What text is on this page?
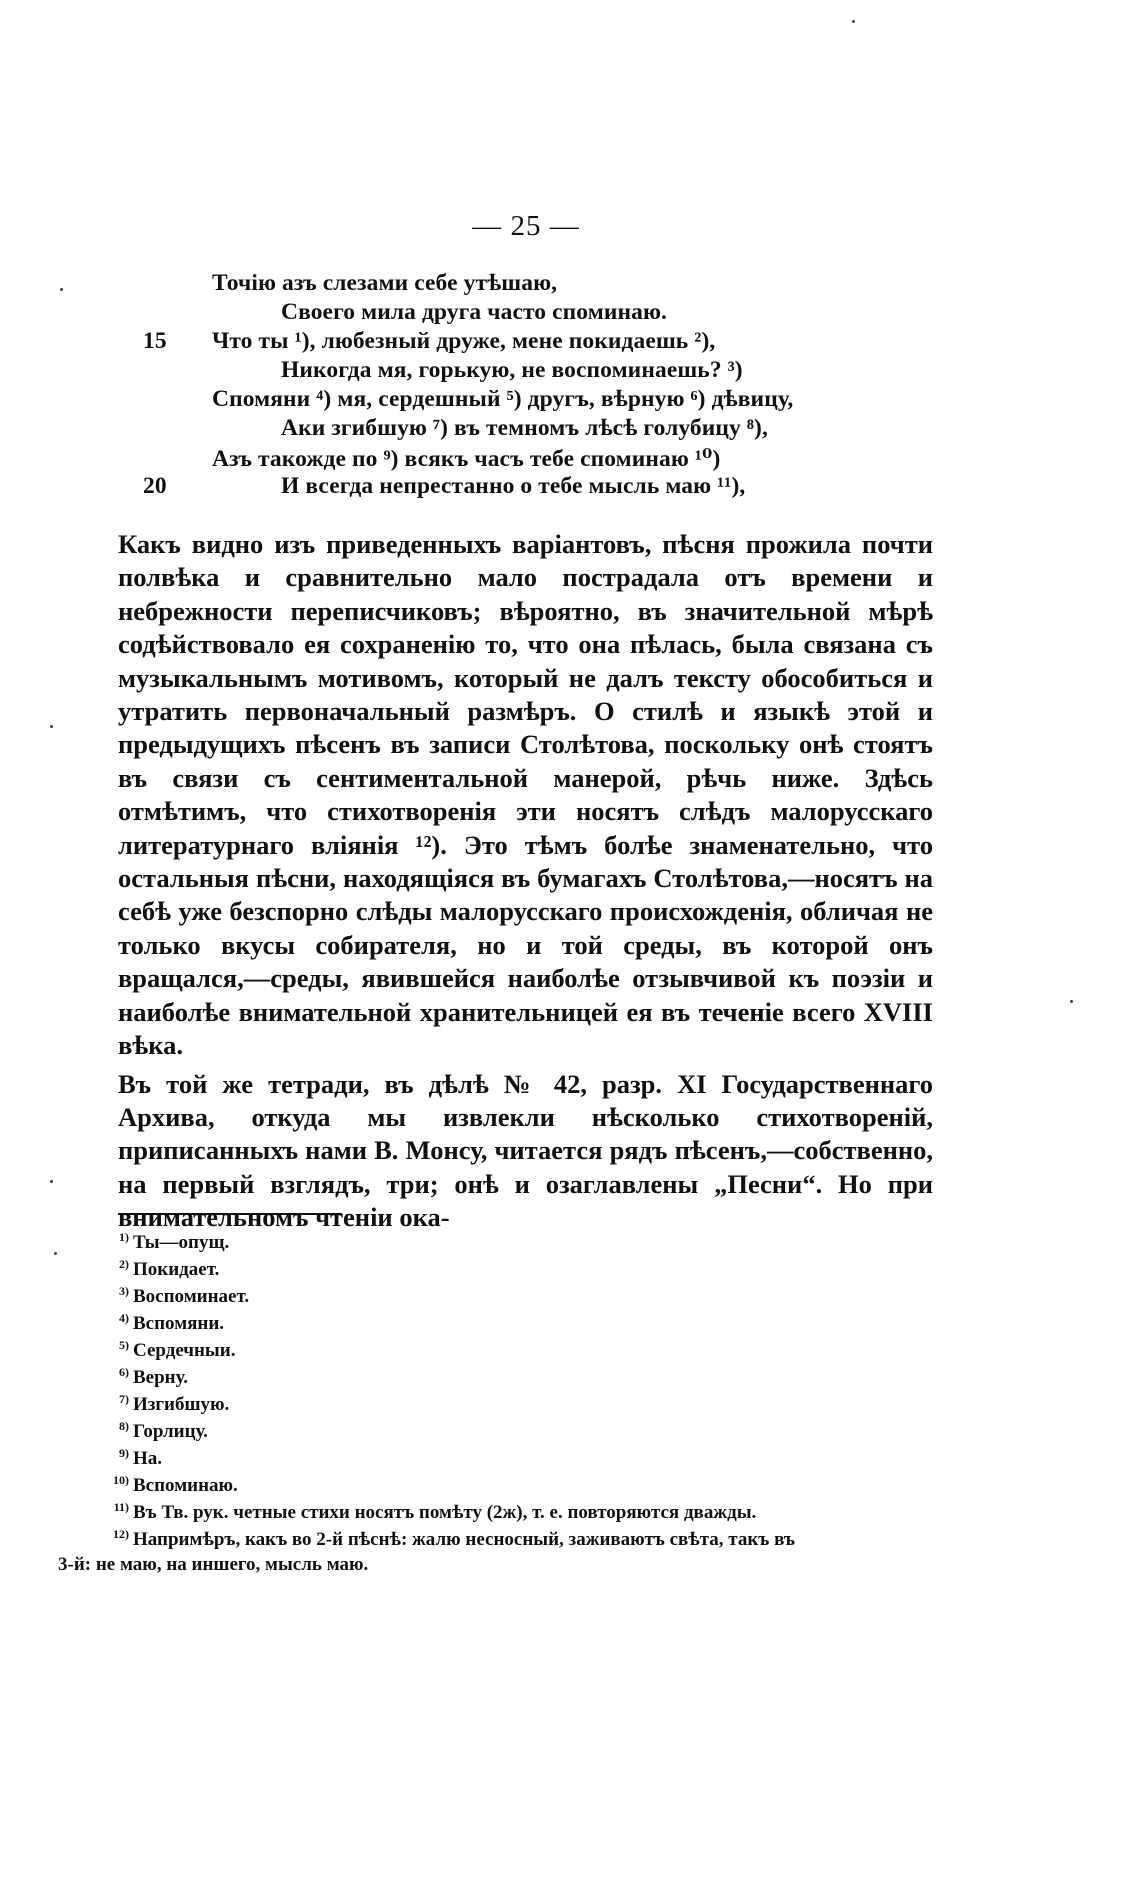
— 25 —
Точію азъ слезами себе утѣшаю,
Своего мила друга часто споминаю.
15 Что ты ¹), любезный друже, мене покидаешь ²),
Никогда мя, горькую, не воспоминаешь? ³)
Спомяни ⁴) мя, сердешный ⁵) другъ, вѣрную ⁶) дѣвицу,
Аки згибшую ⁷) въ темномъ лѣсѣ голубицу ⁸),
Азъ такожде по ⁹) всякъ часъ тебе споминаю ¹⁰)
20	И всегда непрестанно о тебе мысль маю ¹¹),

Какъ видно изъ приведенныхъ варіантовъ, пѣсня прожила почти полвѣка и сравнительно мало пострадала отъ времени и небрежности переписчиковъ; вѣроятно, въ значительной мѣрѣ содѣйствовало ея сохраненію то, что она пѣлась, была связана съ музыкальнымъ мотивомъ, который не далъ тексту обособиться и утратить первоначальный размѣръ. О стилѣ и языкѣ этой и предыдущихъ пѣсенъ въ записи Столѣтова, поскольку онѣ стоятъ въ связи съ сентиментальной манерой, рѣчь ниже. Здѣсь отмѣтимъ, что стихотворенія эти носятъ слѣдъ малорусскаго литературнаго вліянія ¹²). Это тѣмъ болѣе знаменательно, что остальныя пѣсни, находящіяся въ бумагахъ Столѣтова,—носятъ на себѣ уже безспорно слѣды малорусскаго происхожденія, обличая не только вкусы собирателя, но и той среды, въ которой онъ вращался,—среды, явившейся наиболѣе отзывчивой къ поэзіи и наиболѣе внимательной хранительницей ея въ теченіе всего XVIII вѣка.

Въ той же тетради, въ дѣлѣ № 42, разр. XI Государственнаго Архива, откуда мы извлекли нѣсколько стихотвореній, приписанныхъ нами В. Монсу, читается рядъ пѣсенъ,—собственно, на первый взглядъ, три; онѣ и озаглавлены „Песни“. Но при внимательномъ чтеніи ока-

1) Ты—опущ.
2) Покидает.
3) Воспоминает.
4) Вспомяни.
5) Сердечныи.
6) Верну.
7) Изгибшую.
8) Горлицу.
9) На.
10) Вспоминаю.
11) Въ Тв. рук. четные стихи носятъ помѣту (2ж), т. е. повторяются дважды.
12) Напримѣръ, какъ во 2-й пѣснѣ: жалю несносный, заживаютъ свѣта, такъ въ
3-й: не маю, на иншего, мысль маю.
